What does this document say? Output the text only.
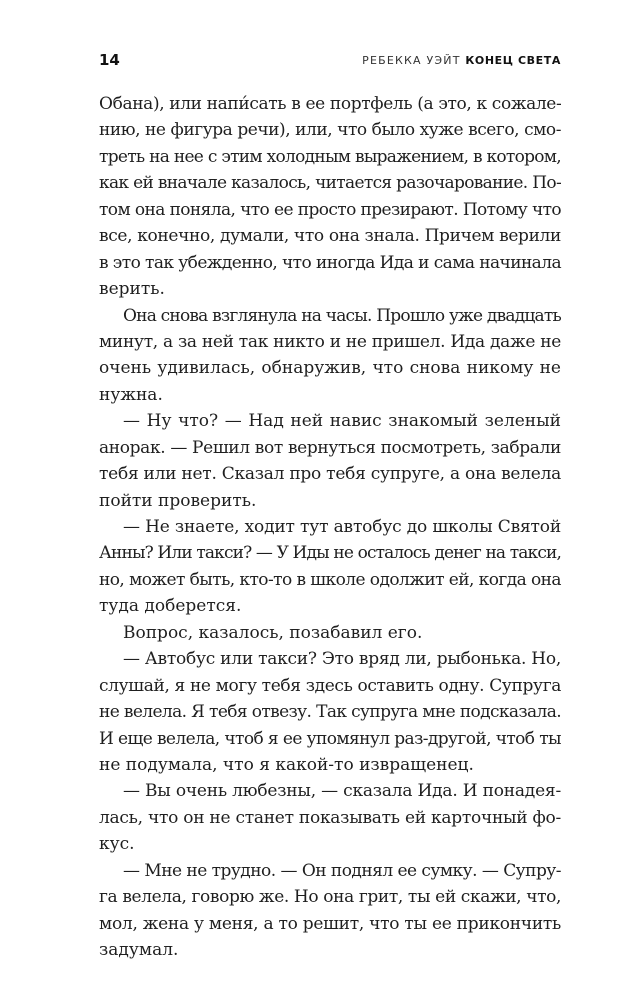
14	РЕБЕККА УЭЙТ КОНЕЦ СВЕТА
Обана), или напи́сать в ее портфель (а это, к сожале-
нию, не фигура речи), или, что было хуже всего, смо-
треть на нее с этим холодным выражением, в котором,
как ей вначале казалось, читается разочарование. По-
том она поняла, что ее просто презирают. Потому что
все, конечно, думали, что она знала. Причем верили
в это так убежденно, что иногда Ида и сама начинала
верить.
Она снова взглянула на часы. Прошло уже двадцать
минут, а за ней так никто и не пришел. Ида даже не
очень удивилась, обнаружив, что снова никому не
нужна.
— Ну что? — Над ней навис знакомый зеленый
анорак. — Решил вот вернуться посмотреть, забрали
тебя или нет. Сказал про тебя супруге, а она велела
пойти проверить.
— Не знаете, ходит тут автобус до школы Святой
Анны? Или такси? — У Иды не осталось денег на такси,
но, может быть, кто-то в школе одолжит ей, когда она
туда доберется.
Вопрос, казалось, позабавил его.
— Автобус или такси? Это вряд ли, рыбонька. Но,
слушай, я не могу тебя здесь оставить одну. Супруга
не велела. Я тебя отвезу. Так супруга мне подсказала.
И еще велела, чтоб я ее упомянул раз-другой, чтоб ты
не подумала, что я какой-то извращенец.
— Вы очень любезны, — сказала Ида. И понадея-
лась, что он не станет показывать ей карточный фо-
кус.
— Мне не трудно. — Он поднял ее сумку. — Супру-
га велела, говорю же. Но она грит, ты ей скажи, что,
мол, жена у меня, а то решит, что ты ее прикончить
задумал.
